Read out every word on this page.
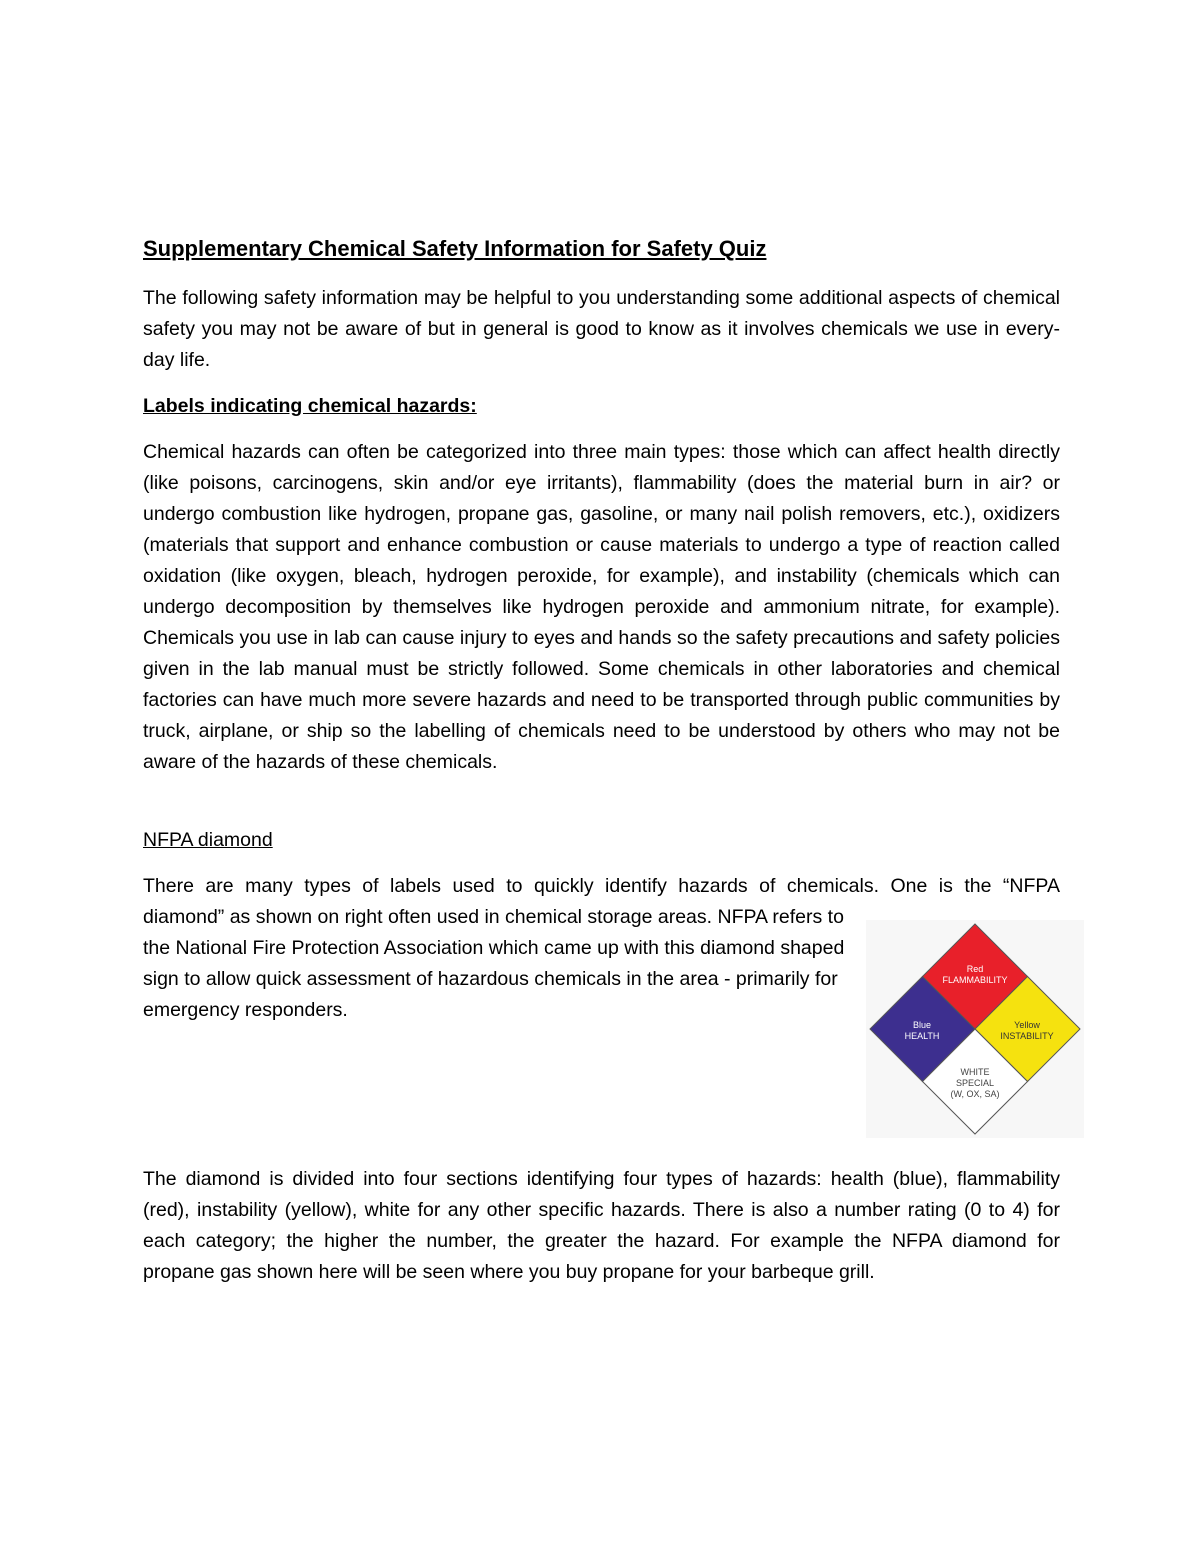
Supplementary Chemical Safety Information for Safety Quiz

The following safety information may be helpful to you understanding some additional aspects of chemical safety you may not be aware of but in general is good to know as it involves chemicals we use in every-day life.

Labels indicating chemical hazards:

Chemical hazards can often be categorized into three main types: those which can affect health directly (like poisons, carcinogens, skin and/or eye irritants), flammability (does the material burn in air? or undergo combustion like hydrogen, propane gas, gasoline, or many nail polish removers, etc.), oxidizers (materials that support and enhance combustion or cause materials to undergo a type of reaction called oxidation (like oxygen, bleach, hydrogen peroxide, for example), and instability (chemicals which can undergo decomposition by themselves like hydrogen peroxide and ammonium nitrate, for example). Chemicals you use in lab can cause injury to eyes and hands so the safety precautions and safety policies given in the lab manual must be strictly followed. Some chemicals in other laboratories and chemical factories can have much more severe hazards and need to be transported through public communities by truck, airplane, or ship so the labelling of chemicals need to be understood by others who may not be aware of the hazards of these chemicals.

NFPA diamond

There are many types of labels used to quickly identify hazards of chemicals. One is the “NFPA

diamond” as shown on right often used in chemical storage areas. NFPA refers to the National Fire Protection Association which came up with this diamond shaped sign to allow quick assessment of hazardous chemicals in the area - primarily for emergency responders.

Red
FLAMMABILITY
Blue
HEALTH
Yellow
INSTABILITY
WHITE
SPECIAL
(W, OX, SA)

The diamond is divided into four sections identifying four types of hazards: health (blue), flammability (red), instability (yellow), white for any other specific hazards. There is also a number rating (0 to 4) for each category; the higher the number, the greater the hazard. For example the NFPA diamond for propane gas shown here will be seen where you buy propane for your barbeque grill.
